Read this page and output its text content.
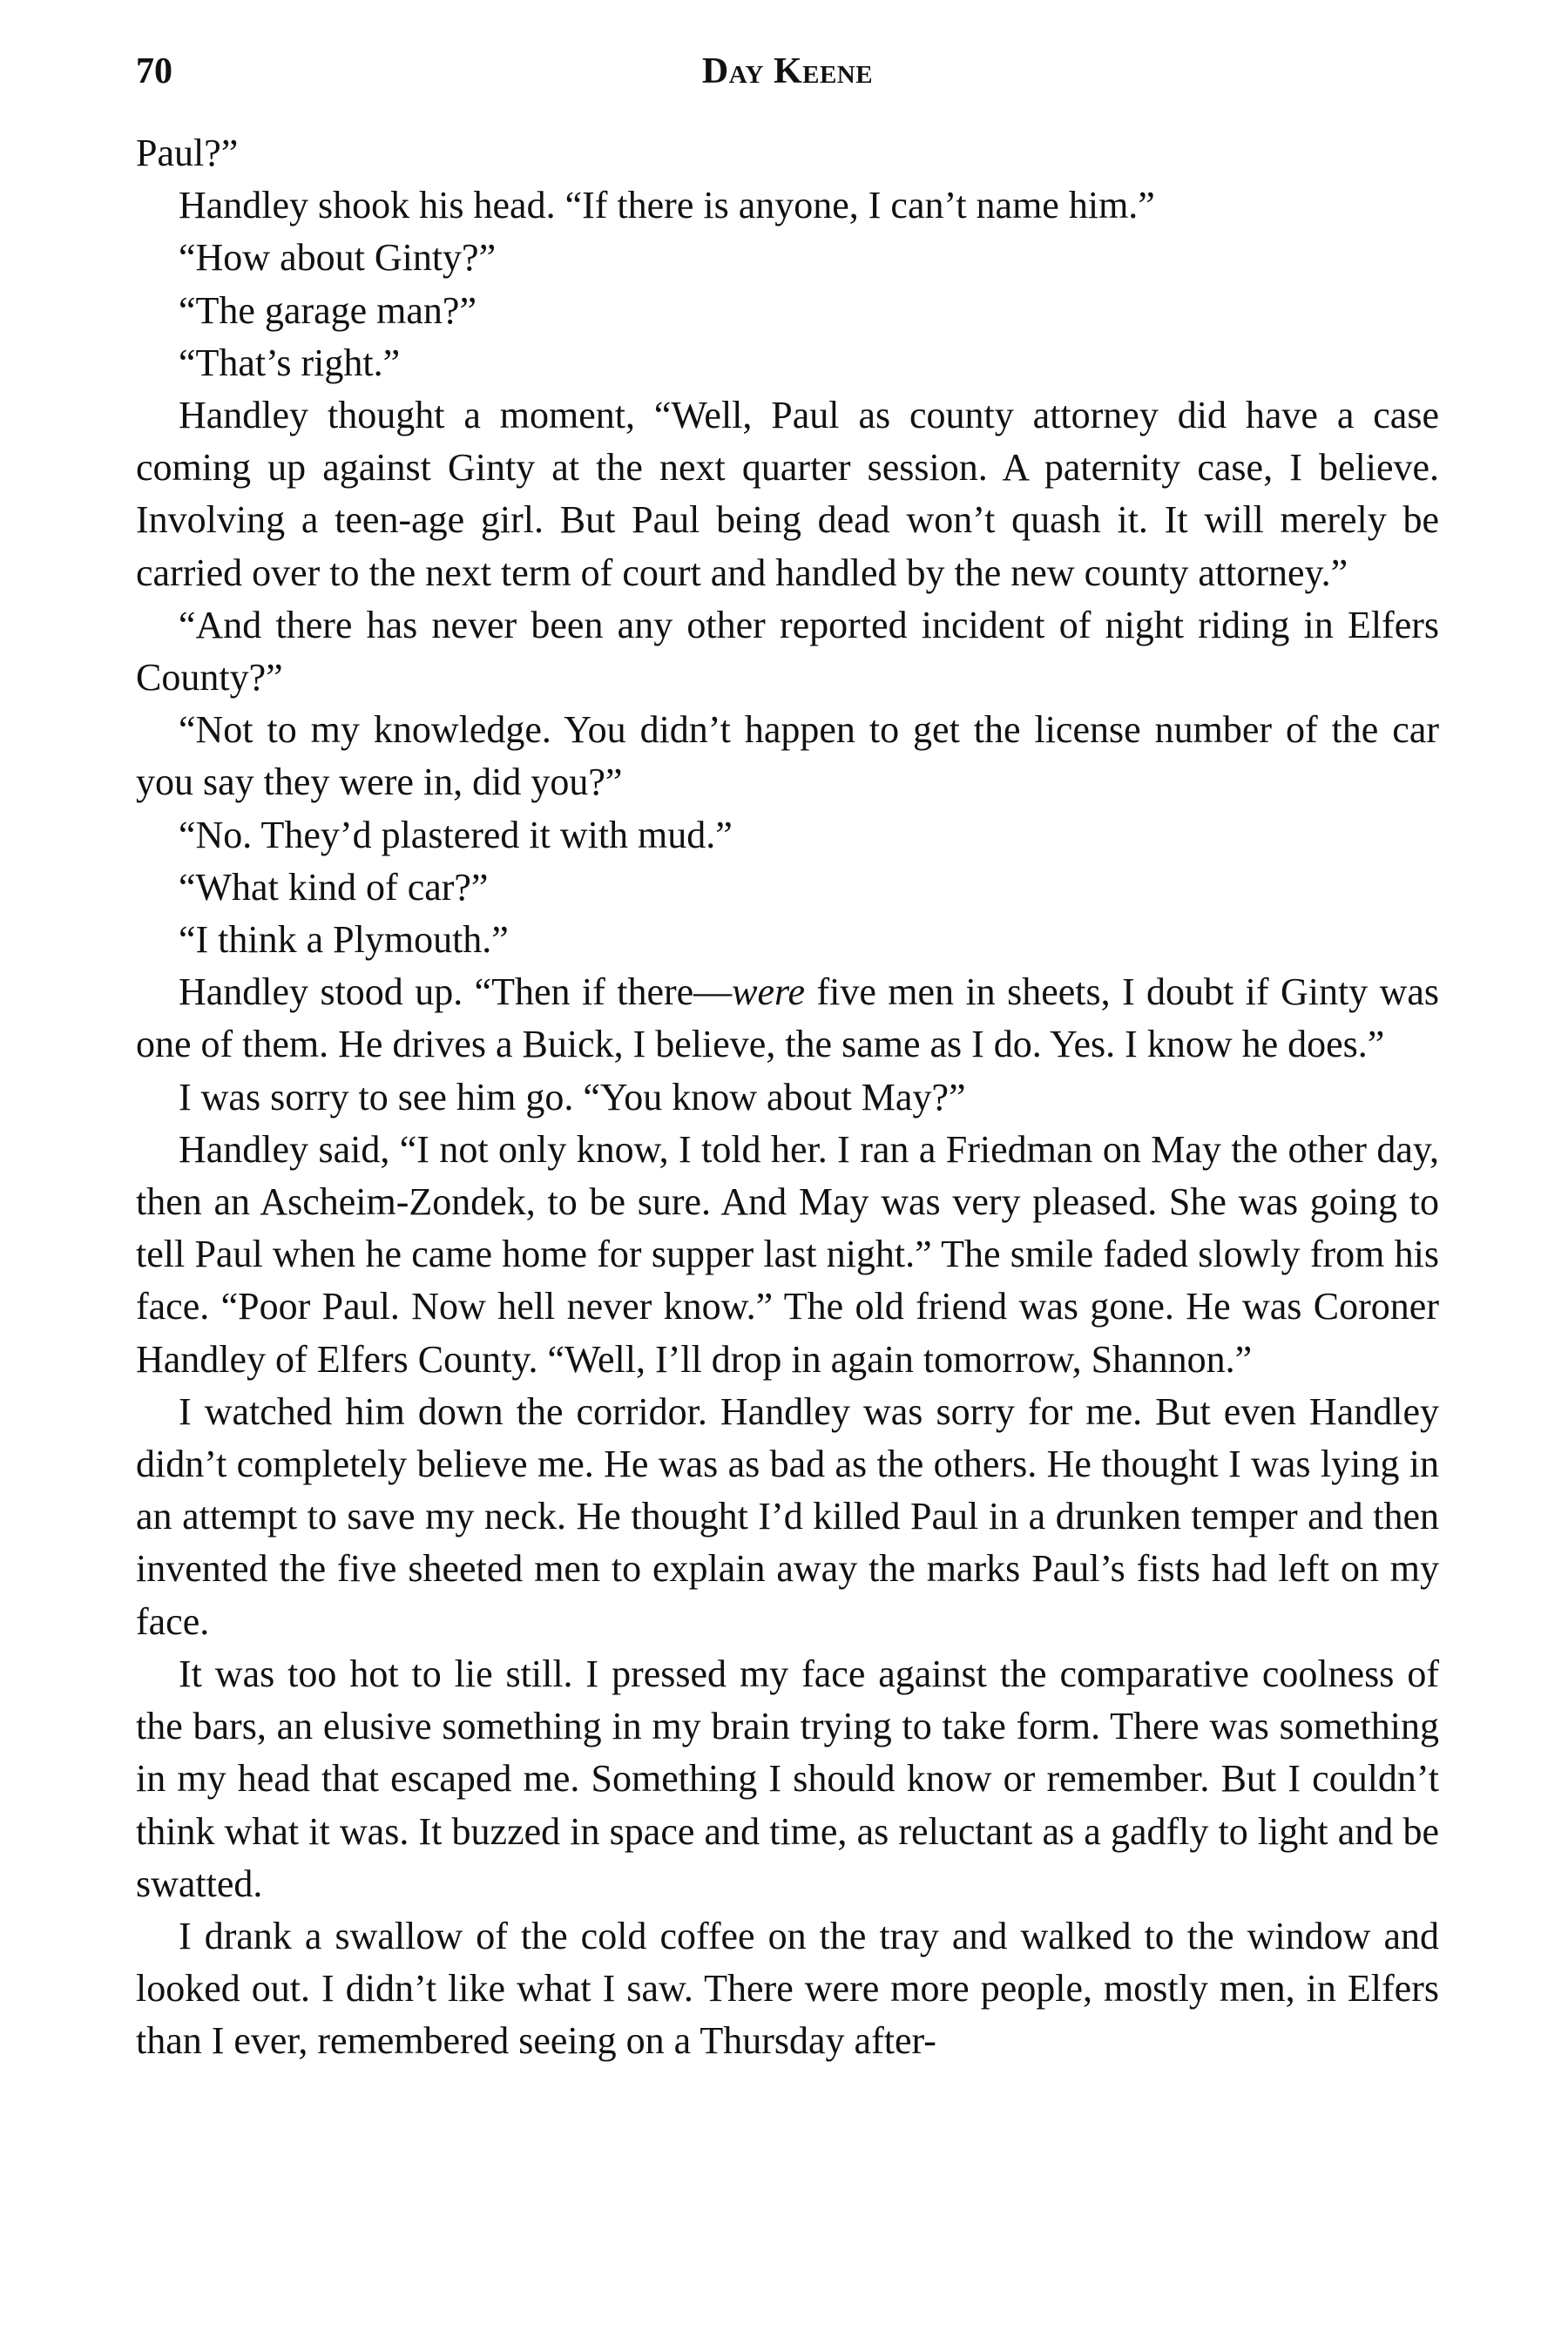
70	Day Keene

Paul?”

Handley shook his head. “If there is anyone, I can’t name him.”

“How about Ginty?”

“The garage man?”

“That’s right.”

Handley thought a moment, “Well, Paul as county attorney did have a case coming up against Ginty at the next quarter session. A paternity case, I believe. Involving a teen-age girl. But Paul being dead won’t quash it. It will merely be carried over to the next term of court and handled by the new county attorney.”

“And there has never been any other reported incident of night riding in Elfers County?”

“Not to my knowledge. You didn’t happen to get the license number of the car you say they were in, did you?”

“No. They’d plastered it with mud.”

“What kind of car?”

“I think a Plymouth.”

Handley stood up. “Then if there—were five men in sheets, I doubt if Ginty was one of them. He drives a Buick, I believe, the same as I do. Yes. I know he does.”

I was sorry to see him go. “You know about May?”

Handley said, “I not only know, I told her. I ran a Friedman on May the other day, then an Ascheim-Zondek, to be sure. And May was very pleased. She was going to tell Paul when he came home for supper last night.” The smile faded slowly from his face. “Poor Paul. Now hell never know.” The old friend was gone. He was Coroner Handley of Elfers County. “Well, I’ll drop in again tomorrow, Shannon.”

I watched him down the corridor. Handley was sorry for me. But even Handley didn’t completely believe me. He was as bad as the others. He thought I was lying in an attempt to save my neck. He thought I’d killed Paul in a drunken temper and then invented the five sheeted men to explain away the marks Paul’s fists had left on my face.

It was too hot to lie still. I pressed my face against the comparative coolness of the bars, an elusive something in my brain trying to take form. There was something in my head that escaped me. Something I should know or remember. But I couldn’t think what it was. It buzzed in space and time, as reluctant as a gadfly to light and be swatted.

I drank a swallow of the cold coffee on the tray and walked to the window and looked out. I didn’t like what I saw. There were more people, mostly men, in Elfers than I ever, remembered seeing on a Thursday after-
